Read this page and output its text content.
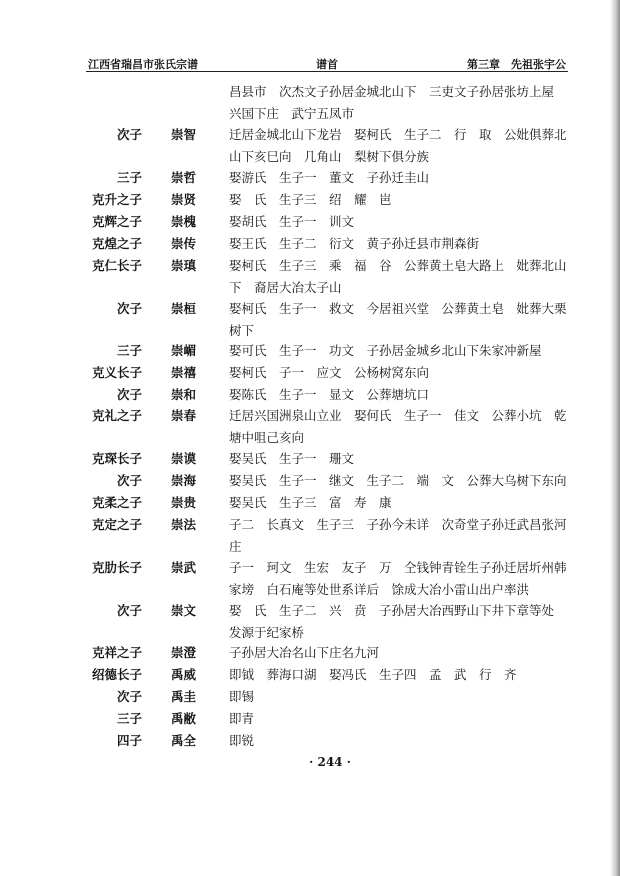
江西省瑞昌市张氏宗谱	谱首	第三章　先祖张宇公
昌县市　次杰文子孙居金城北山下　三吏文子孙居张坊上屋　兴国下庄　武宁五凤市
次子 崇智	迁居金城北山下龙岩　娶柯氏　生子二　行　取　公妣俱葬北山下亥巳向　几角山　梨树下俱分族
三子 崇哲	娶游氏　生子一　董文　子孙迁圭山
克升之子 崇贤	娶　氏　生子三　绍　耀　岜
克辉之子 崇槐	娶胡氏　生子一　训文
克煌之子 崇传	娶王氏　生子二　衍文　黄子孙迁县市荆森街
克仁长子 崇瑱	娶柯氏　生子三　乘　福　谷　公葬黄土皂大路上　妣葬北山下　裔居大冶太子山
次子 崇桓	娶柯氏　生子一　救文　今居祖兴堂　公葬黄土皂　妣葬大栗树下
三子 崇嵋	娶可氏　生子一　功文　子孙居金城乡北山下朱家冲新屋
克义长子 崇禧	娶柯氏　子一　应文　公杨树窝东向
次子 崇和	娶陈氏　生子一　显文　公葬塘坑口
克礼之子 崇春	迁居兴国洲泉山立业　娶何氏　生子一　佳文　公葬小坑　乾塘中咀己亥向
克琛长子 崇谟	娶吴氏　生子一　珊文
次子 崇海	娶吴氏　生子一　继文　生子二　端　文　公葬大乌树下东向
克柔之子 崇贵	娶吴氏　生子三　富　寿　康
克定之子 崇法	子二　长真文　生子三　子孙今未详　次奇堂子孙迁武昌张河庄
克肋长子 崇武	子一　珂文　生宏　友子　万　仝钱钟青铨生子孙迁居圻州韩家塝　白石庵等处世系详后　馀成大冶小雷山出户率洪
次子 崇文	娶　氏　生子二　兴　贲　子孙居大冶西野山下井下章等处　发源于纪家桥
克祥之子 崇澄	子孙居大冶名山下庄名九河
绍德长子 禹威	即钺　葬海口湖　娶冯氏　生子四　孟　武　行　齐
次子 禹圭	即锡
三子 禹敝	即青
四子 禹全	即锐
· 244 ·
